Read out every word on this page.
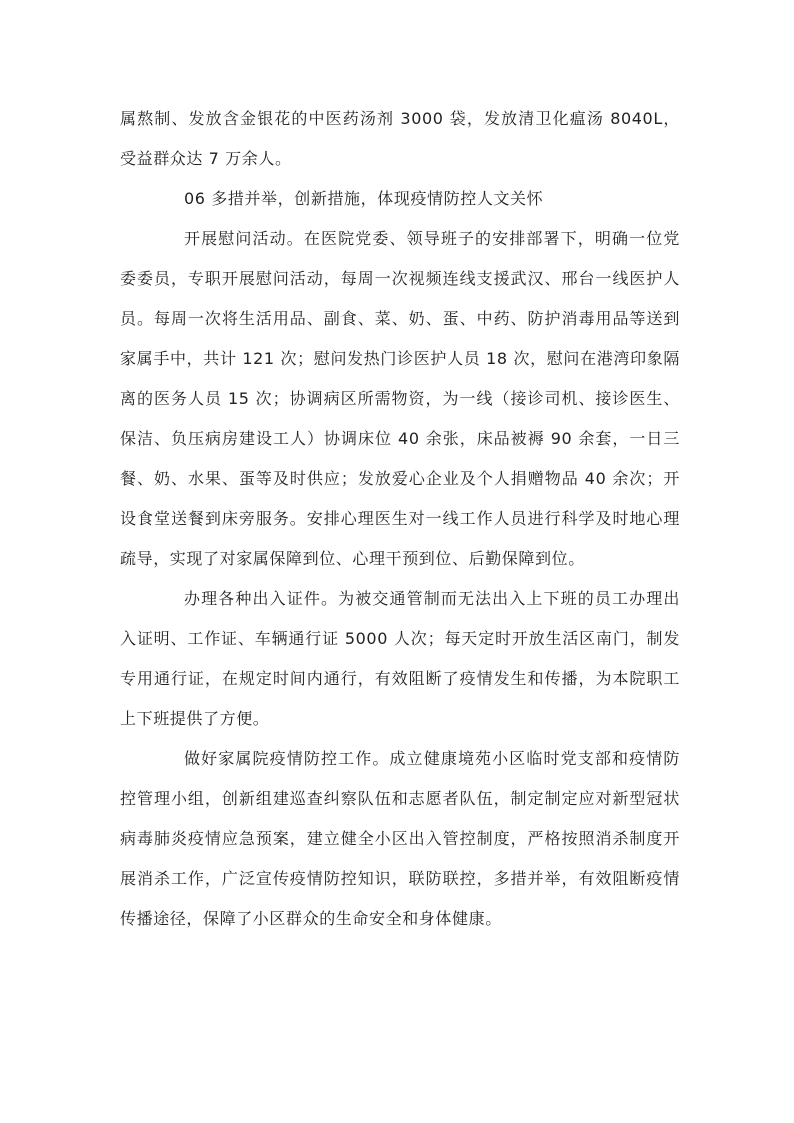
属熬制、发放含金银花的中医药汤剂 3000 袋，发放清卫化瘟汤 8040L，受益群众达 7 万余人。

06 多措并举，创新措施，体现疫情防控人文关怀

开展慰问活动。在医院党委、领导班子的安排部署下，明确一位党委委员，专职开展慰问活动，每周一次视频连线支援武汉、邢台一线医护人员。每周一次将生活用品、副食、菜、奶、蛋、中药、防护消毒用品等送到家属手中，共计 121 次；慰问发热门诊医护人员 18 次，慰问在港湾印象隔离的医务人员 15 次；协调病区所需物资，为一线（接诊司机、接诊医生、保洁、负压病房建设工人）协调床位 40 余张，床品被褥 90 余套，一日三餐、奶、水果、蛋等及时供应；发放爱心企业及个人捐赠物品 40 余次；开设食堂送餐到床旁服务。安排心理医生对一线工作人员进行科学及时地心理疏导，实现了对家属保障到位、心理干预到位、后勤保障到位。

办理各种出入证件。为被交通管制而无法出入上下班的员工办理出入证明、工作证、车辆通行证 5000 人次；每天定时开放生活区南门，制发专用通行证，在规定时间内通行，有效阻断了疫情发生和传播，为本院职工上下班提供了方便。

做好家属院疫情防控工作。成立健康境苑小区临时党支部和疫情防控管理小组，创新组建巡查纠察队伍和志愿者队伍，制定制定应对新型冠状病毒肺炎疫情应急预案，建立健全小区出入管控制度，严格按照消杀制度开展消杀工作，广泛宣传疫情防控知识，联防联控，多措并举，有效阻断疫情传播途径，保障了小区群众的生命安全和身体健康。
